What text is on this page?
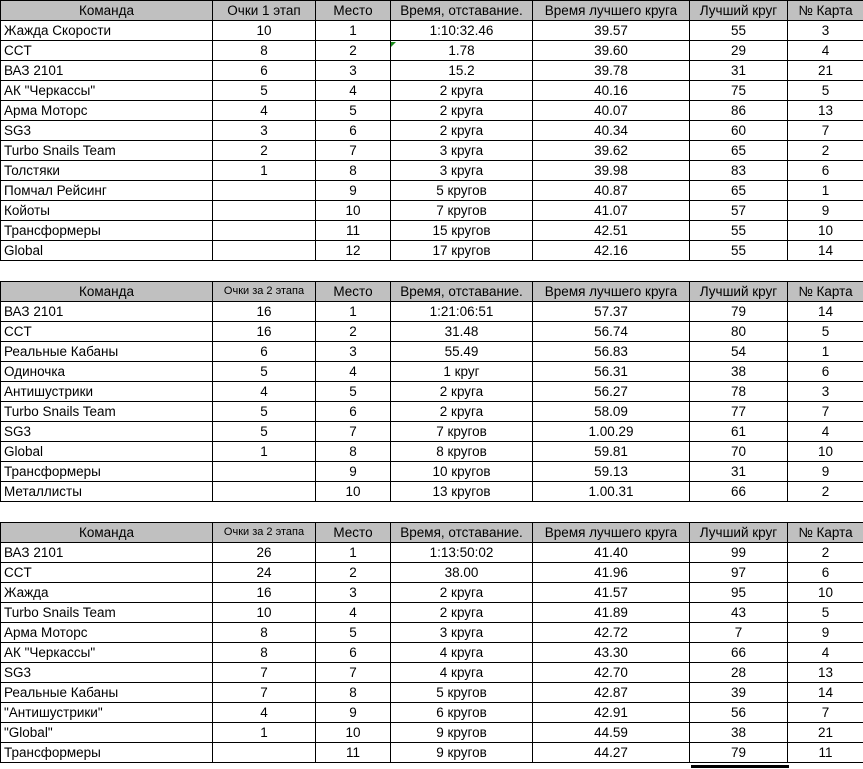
Команда	Очки 1 этап	Место	Время, отставание.	Время лучшего круга	Лучший круг	№ Карта
Жажда Скорости	10	1	1:10:32.46	39.57	55	3
CCT	8	2	1.78	39.60	29	4
ВАЗ 2101	6	3	15.2	39.78	31	21
АК "Черкассы"	5	4	2 круга	40.16	75	5
Арма Моторс	4	5	2 круга	40.07	86	13
SG3	3	6	2 круга	40.34	60	7
Turbo Snails Team	2	7	3 круга	39.62	65	2
Толстяки	1	8	3 круга	39.98	83	6
Помчал Рейсинг		9	5 кругов	40.87	65	1
Койоты		10	7 кругов	41.07	57	9
Трансформеры		11	15 кругов	42.51	55	10
Global		12	17 кругов	42.16	55	14

Команда	Очки за 2 этапа	Место	Время, отставание.	Время лучшего круга	Лучший круг	№ Карта
ВАЗ 2101	16	1	1:21:06:51	57.37	79	14
CCT	16	2	31.48	56.74	80	5
Реальные Кабаны	6	3	55.49	56.83	54	1
Одиночка	5	4	1 круг	56.31	38	6
Антишустрики	4	5	2 круга	56.27	78	3
Turbo Snails Team	5	6	2 круга	58.09	77	7
SG3	5	7	7 кругов	1.00.29	61	4
Global	1	8	8 кругов	59.81	70	10
Трансформеры		9	10 кругов	59.13	31	9
Металлисты		10	13 кругов	1.00.31	66	2

Команда	Очки за 2 этапа	Место	Время, отставание.	Время лучшего круга	Лучший круг	№ Карта
ВАЗ 2101	26	1	1:13:50:02	41.40	99	2
CCT	24	2	38.00	41.96	97	6
Жажда	16	3	2 круга	41.57	95	10
Turbo Snails Team	10	4	2 круга	41.89	43	5
Арма Моторс	8	5	3 круга	42.72	7	9
АК "Черкассы"	8	6	4 круга	43.30	66	4
SG3	7	7	4 круга	42.70	28	13
Реальные Кабаны	7	8	5 кругов	42.87	39	14
"Антишустрики"	4	9	6 кругов	42.91	56	7
"Global"	1	10	9 кругов	44.59	38	21
Трансформеры		11	9 кругов	44.27	79	11
